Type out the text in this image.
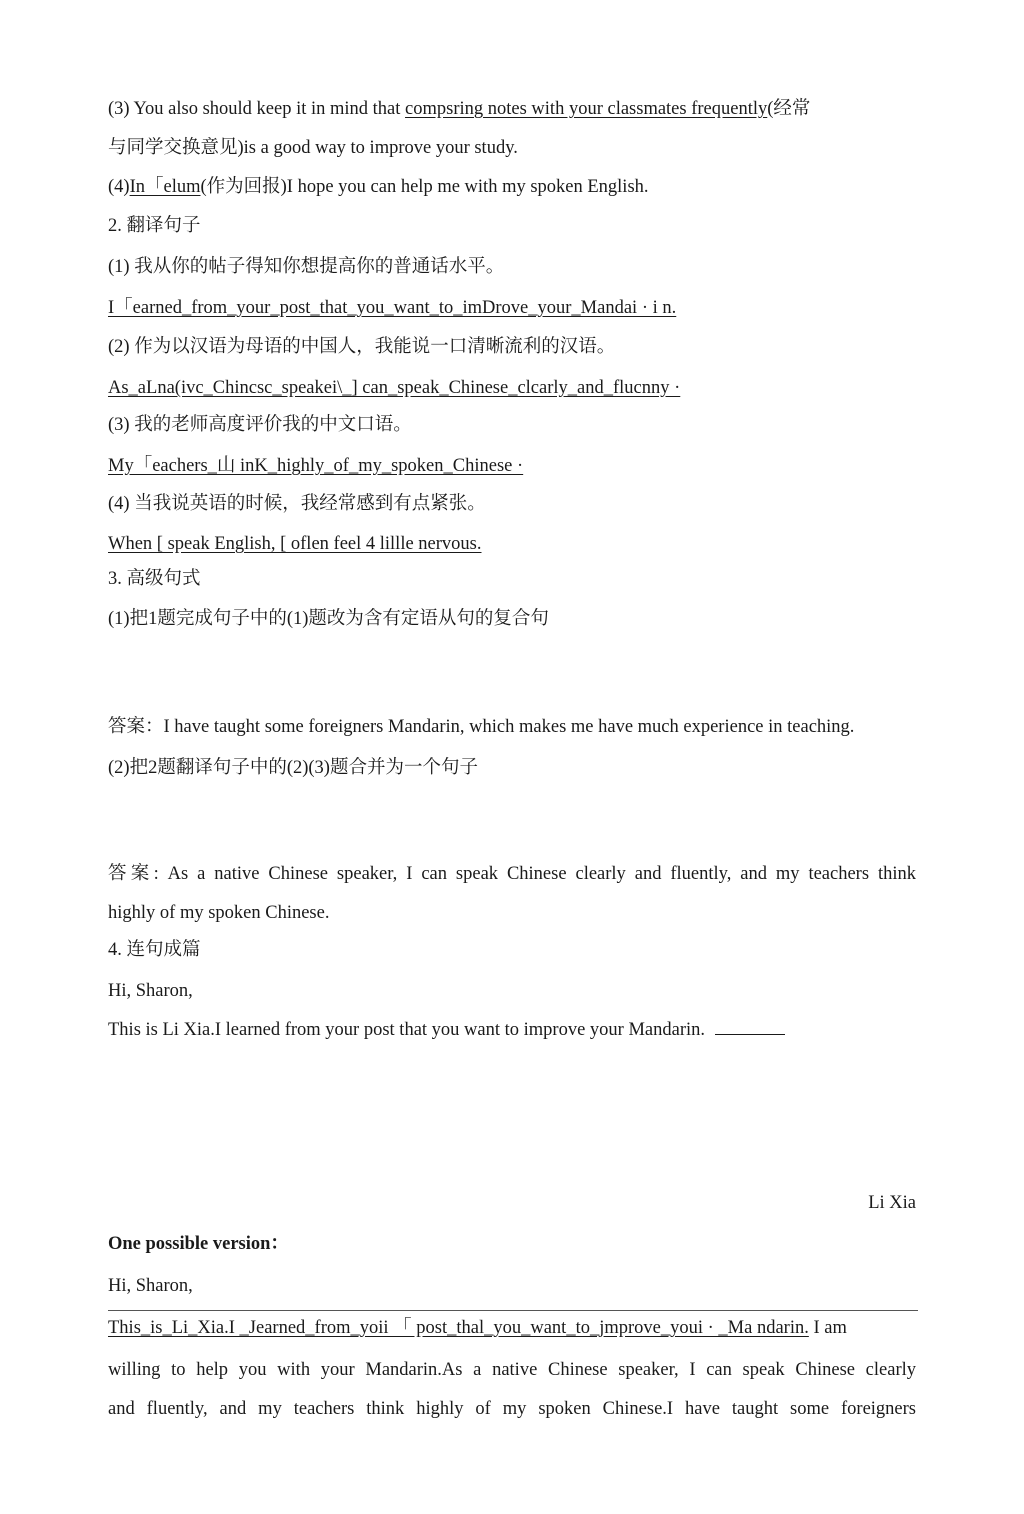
(3) You also should keep it in mind that compsring notes with your classmates frequently(经常
与同学交换意见)is a good way to improve your study.
(4)In「elum(作为回报)I hope you can help me with my spoken English.
2. 翻译句子
(1) 我从你的帖子得知你想提高你的普通话水平。
I「earned_from_your_post_that_you_want_to_imDrove_your_Mandai · i n.
(2) 作为以汉语为母语的中国人，我能说一口清晰流利的汉语。
As_aLna(ivc_Chincsc_speakei\_] can_speak_Chinese_clcarly_and_flucnny ·
(3) 我的老师高度评价我的中文口语。
My「eachers_山 inK_highly_of_my_spoken_Chinese ·
(4) 当我说英语的时候，我经常感到有点紧张。
When [ speak English, [ oflen feel 4 lillle nervous.
3. 高级句式
(1)把1题完成句子中的(1)题改为含有定语从句的复合句
答案：I have taught some foreigners Mandarin, which makes me have much experience in teaching.
(2)把2题翻译句子中的(2)(3)题合并为一个句子
答案: As a native Chinese speaker, I can speak Chinese clearly and fluently, and my teachers think
highly of my spoken Chinese.
4. 连句成篇
Hi, Sharon,
This is Li Xia.I learned from your post that you want to improve your Mandarin.
Li Xia
One possible version：
Hi, Sharon,
This_is_Li_Xia.I _Jearned_from_yoii 「 post_thal_you_want_to_jmprove_youi · _Ma ndarin. I am
willing to help you with your Mandarin.As a native Chinese speaker, I can speak Chinese clearly
and fluently, and my teachers think highly of my spoken Chinese.I have taught some foreigners
